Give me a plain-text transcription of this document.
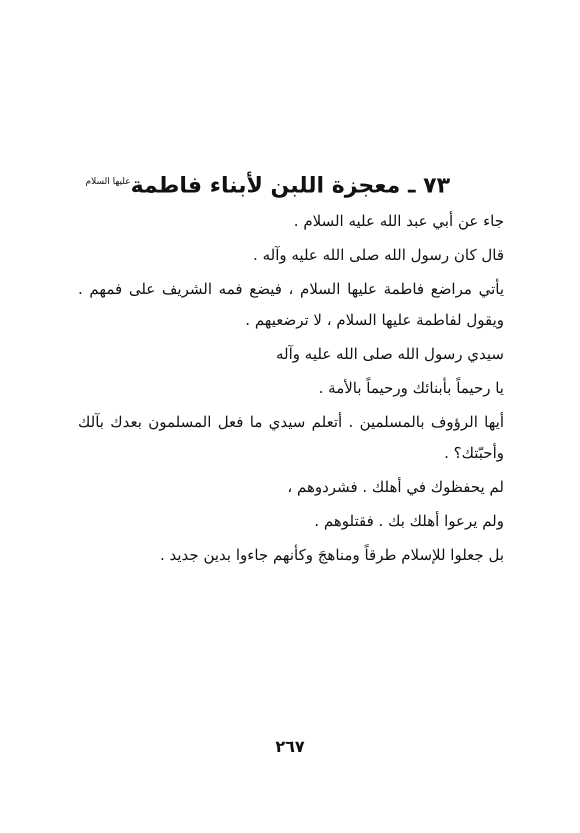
٧٣ ـ معجزة اللبن لأبناء فاطمة$^{عليها السلام}$

جاء عن أبي عبد الله عليه السلام .

قال كان رسول الله صلى الله عليه وآله .

يأتي مراضع فاطمة عليها السلام ، فيضع فمه الشريف على فمهم . ويقول لفاطمة عليها السلام ، لا ترضعيهم .

سيدي رسول الله صلى الله عليه وآله

يا رحيماً بأبنائك ورحيماً بالأمة .

أيها الرؤوف بالمسلمين . أتعلم سيدي ما فعل المسلمون بعدك بآلك وأحبّتك؟ .

لم يحفظوك في أهلك . فشردوهم ،

ولم يرعوا أهلك بك . فقتلوهم .

بل جعلوا للإسلام طرقاً ومناهجَ وكأنهم جاءوا بدين جديد .

٢٦٧
